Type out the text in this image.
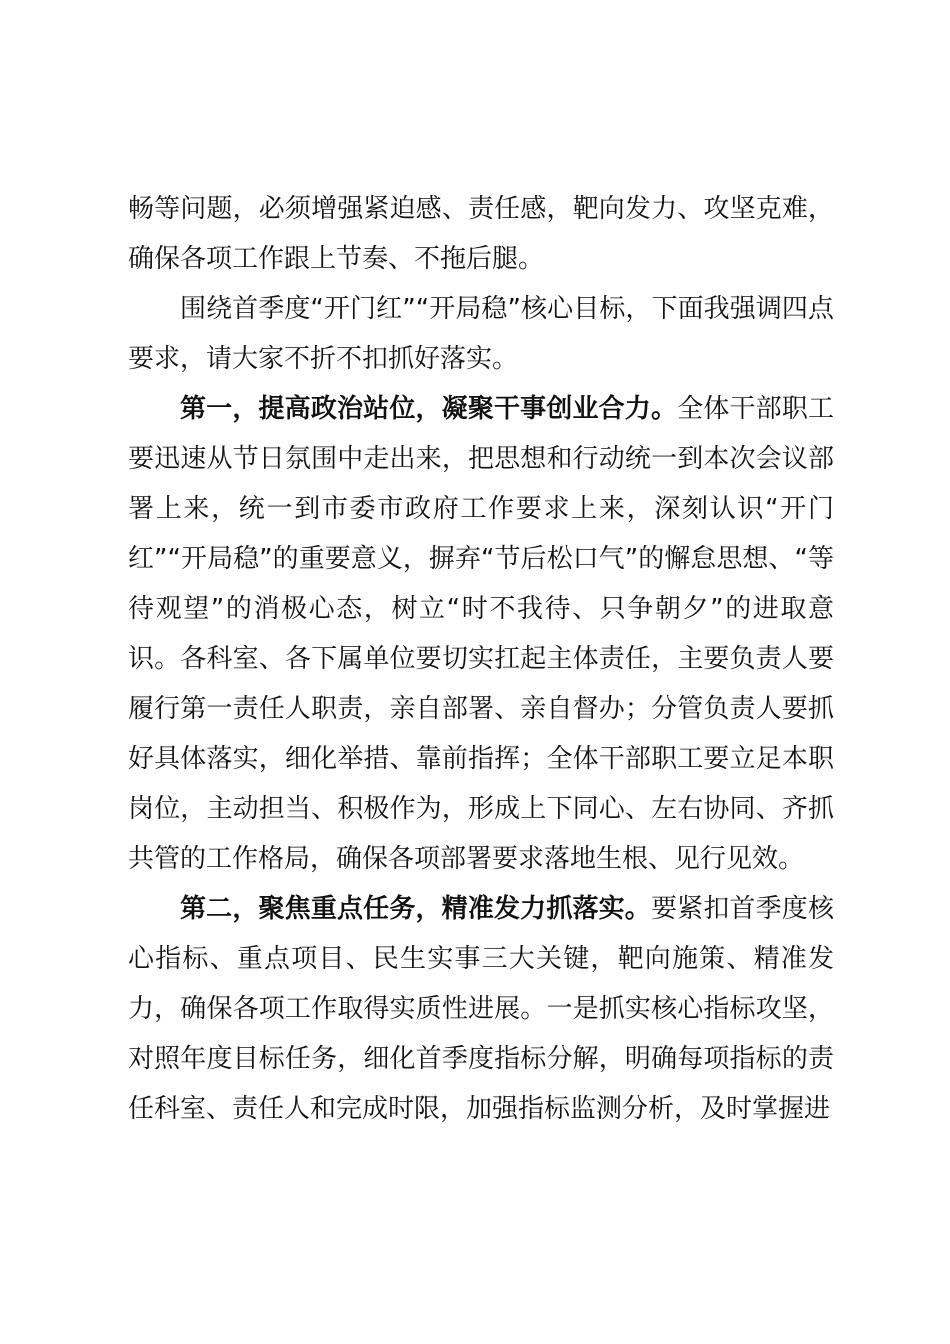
畅等问题，必须增强紧迫感、责任感，靶向发力、攻坚克难，确保各项工作跟上节奏、不拖后腿。

围绕首季度“开门红”“开局稳”核心目标，下面我强调四点要求，请大家不折不扣抓好落实。

第一，提高政治站位，凝聚干事创业合力。全体干部职工要迅速从节日氛围中走出来，把思想和行动统一到本次会议部署上来，统一到市委市政府工作要求上来，深刻认识“开门红”“开局稳”的重要意义，摒弃“节后松口气”的懈怠思想、“等待观望”的消极心态，树立“时不我待、只争朝夕”的进取意识。各科室、各下属单位要切实扛起主体责任，主要负责人要履行第一责任人职责，亲自部署、亲自督办；分管负责人要抓好具体落实，细化举措、靠前指挥；全体干部职工要立足本职岗位，主动担当、积极作为，形成上下同心、左右协同、齐抓共管的工作格局，确保各项部署要求落地生根、见行见效。

第二，聚焦重点任务，精准发力抓落实。要紧扣首季度核心指标、重点项目、民生实事三大关键，靶向施策、精准发力，确保各项工作取得实质性进展。一是抓实核心指标攻坚，对照年度目标任务，细化首季度指标分解，明确每项指标的责任科室、责任人和完成时限，加强指标监测分析，及时掌握进
